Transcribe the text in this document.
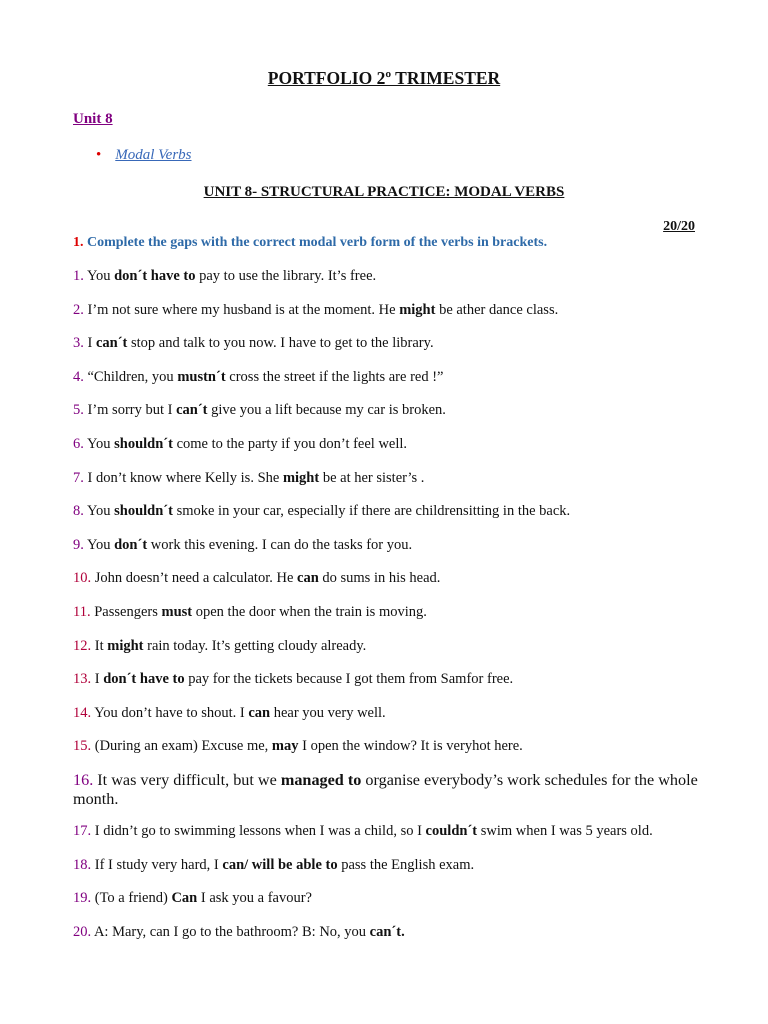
PORTFOLIO 2º TRIMESTER
Unit 8
• Modal Verbs
UNIT 8- STRUCTURAL PRACTICE: MODAL VERBS
20/20
1. Complete the gaps with the correct modal verb form of the verbs in brackets.
1. You don´t have to pay to use the library. It’s free.
2. I’m not sure where my husband is at the moment. He might be ather dance class.
3. I can´t stop and talk to you now. I have to get to the library.
4. “Children, you mustn´t cross the street if the lights are red !”
5. I’m sorry but I can´t give you a lift because my car is broken.
6. You shouldn´t come to the party if you don’t feel well.
7. I don’t know where Kelly is. She might be at her sister’s .
8. You shouldn´t smoke in your car, especially if there are childrensitting in the back.
9. You don´t work this evening. I can do the tasks for you.
10. John doesn’t need a calculator. He can do sums in his head.
11. Passengers must open the door when the train is moving.
12. It might rain today. It’s getting cloudy already.
13. I don´t have to pay for the tickets because I got them from Samfor free.
14. You don’t have to shout. I can hear you very well.
15. (During an exam) Excuse me, may I open the window? It is veryhot here.
16. It was very difficult, but we managed to organise everybody’s work schedules for the whole month.
17. I didn’t go to swimming lessons when I was a child, so I couldn´t swim when I was 5 years old.
18. If I study very hard, I can/ will be able to pass the English exam.
19. (To a friend) Can I ask you a favour?
20. A: Mary, can I go to the bathroom? B: No, you can´t.
